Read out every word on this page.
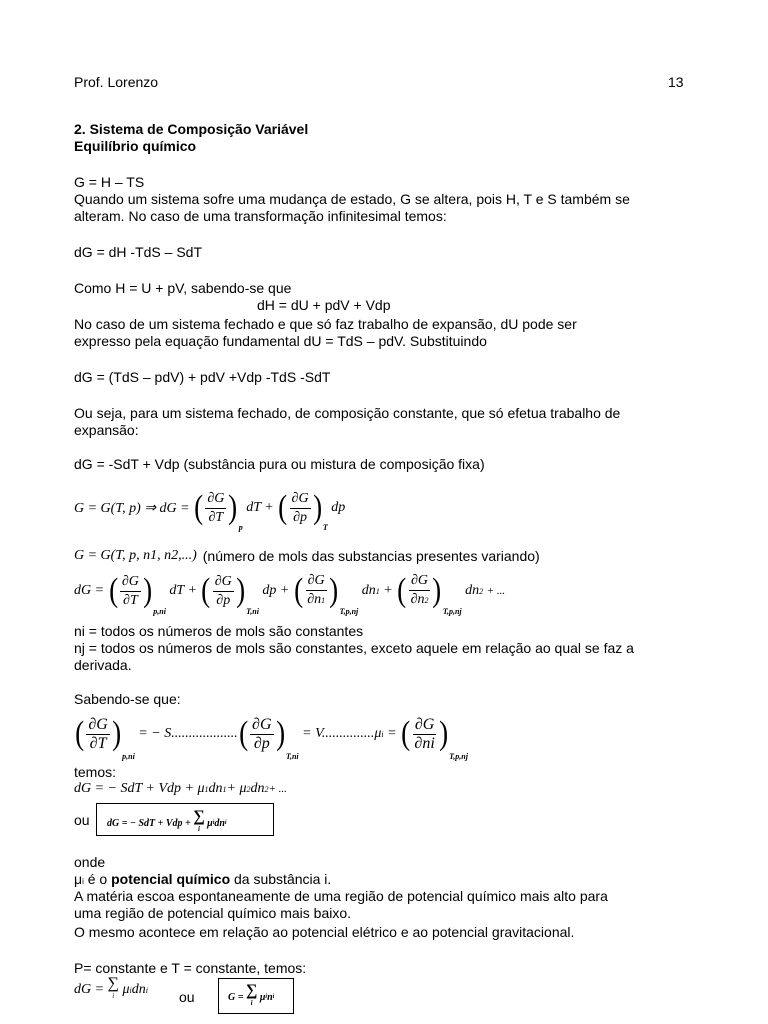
Prof. Lorenzo	13
2. Sistema de Composição Variável
Equilíbrio químico
G = H – TS
Quando um sistema sofre uma mudança de estado, G se altera, pois H, T e S também se
alteram. No caso de uma transformação infinitesimal temos:
dG = dH -TdS – SdT
Como H = U + pV, sabendo-se que
dH = dU + pdV + Vdp
No caso de um sistema fechado e que só faz trabalho de expansão, dU pode ser
expresso pela equação fundamental dU = TdS – pdV. Substituindo
dG = (TdS – pdV) + pdV +Vdp -TdS -SdT
Ou seja, para um sistema fechado, de composição constante, que só efetua trabalho de
expansão:
dG = -SdT + Vdp (substância pura ou mistura de composição fixa)
G = G(T, p) ⇒ dG =
( $\frac{\partial G}{\partial T}$ )
p

dT +
( $\frac{\partial G}{\partial p}$ )
T

dp
G = G(T, p, n1, n2,...) (número de mols das substancias presentes variando)
dG =
( $\frac{\partial G}{\partial T}$ )
p,ni

dT +
( $\frac{\partial G}{\partial p}$ )
T,ni

dp +
( $\frac{\partial G}{\partial n1}$ )
T,p,nj

dn 1
+
( $\frac{\partial G}{\partial n2}$ )
T,p,nj

dn 2
+ ...
ni = todos os números de mols são constantes
nj = todos os números de mols são constantes, exceto aquele em relação ao qual se faz a
derivada.
Sabendo-se que:
( $\frac{\partial G}{\partial T}$ )
p,ni

= − S................... ( $\frac{\partial G}{\partial p}$ )
T,ni

= V...............μ i
=
( $\frac{\partial G}{\partial ni}$ )
T,p,nj
temos:
dG = − SdT + Vdp + μ 1 dn 1 + μ 2 dn 2 + ...
ou dG = − SdT + Vdp +
∑
i

μ i dn i
onde
μi é o potencial químico da substância i.
A matéria escoa espontaneamente de uma região de potencial químico mais alto para
uma região de potencial químico mais baixo.
O mesmo acontece em relação ao potencial elétrico e ao potencial gravitacional.
P= constante e T = constante, temos:
dG =
∑
i
μ i dn i ou	G =
∑
i

μ i n i
